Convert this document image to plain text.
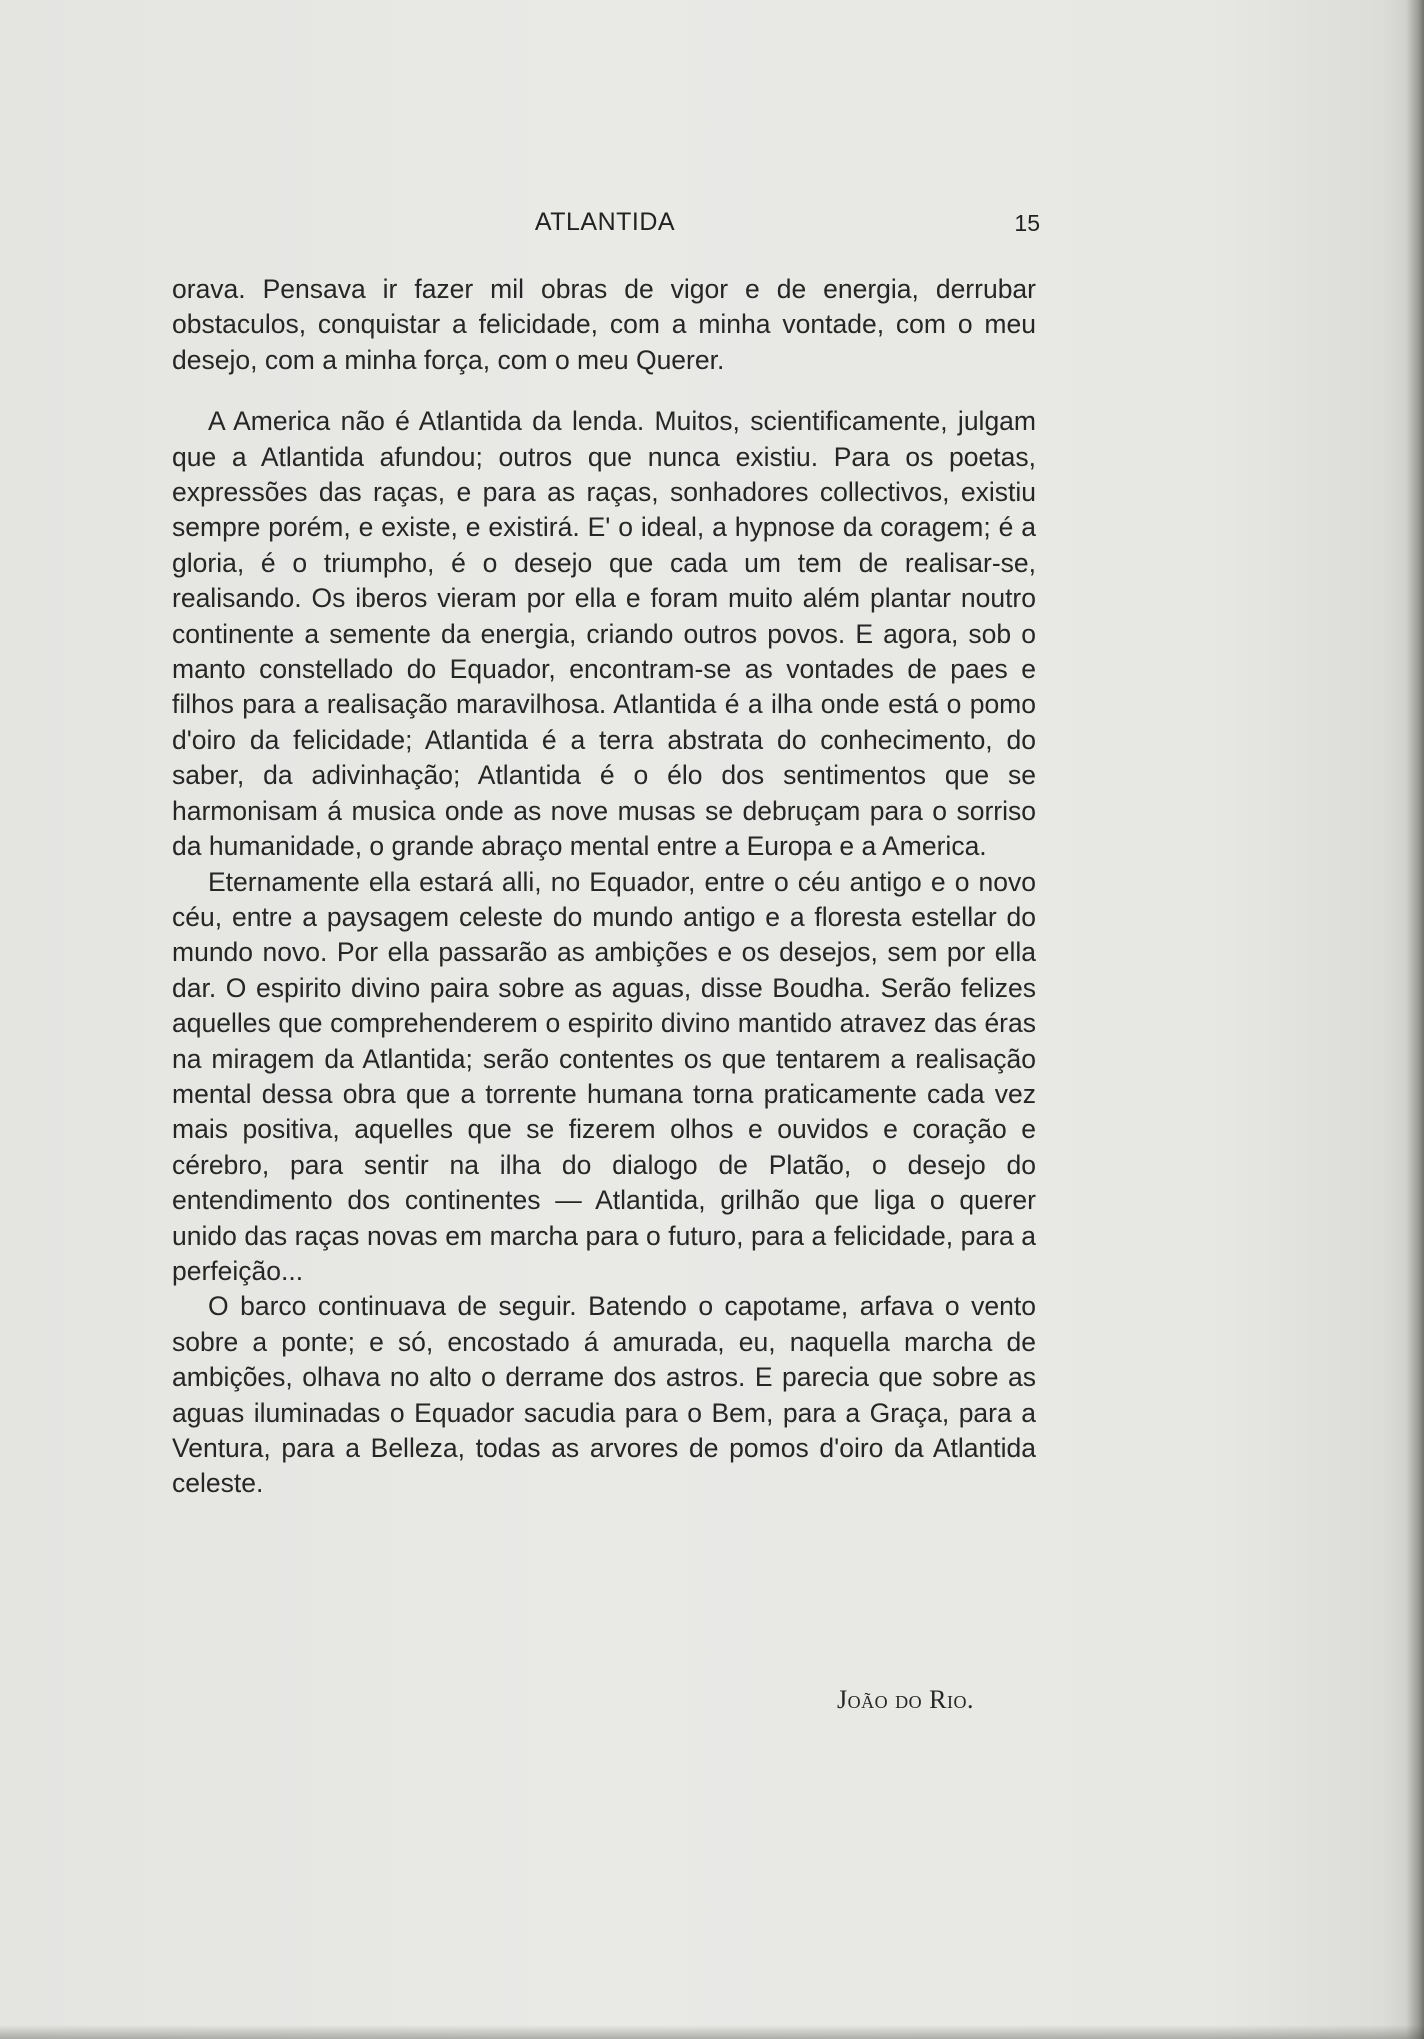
ATLANTIDA	15

orava. Pensava ir fazer mil obras de vigor e de energia, derrubar obstaculos, conquistar a felicidade, com a minha vontade, com o meu desejo, com a minha força, com o meu Querer.

A America não é Atlantida da lenda. Muitos, scientificamente, julgam que a Atlantida afundou; outros que nunca existiu. Para os poetas, expressões das raças, e para as raças, sonhadores collectivos, existiu sempre porém, e existe, e existirá. E' o ideal, a hypnose da coragem; é a gloria, é o triumpho, é o desejo que cada um tem de realisar-se, realisando. Os iberos vieram por ella e foram muito além plantar noutro continente a semente da energia, criando outros povos. E agora, sob o manto constellado do Equador, encontram-se as vontades de paes e filhos para a realisação maravilhosa. Atlantida é a ilha onde está o pomo d'oiro da felicidade; Atlantida é a terra abstrata do conhecimento, do saber, da adivinhação; Atlantida é o élo dos sentimentos que se harmonisam á musica onde as nove musas se debruçam para o sorriso da humanidade, o grande abraço mental entre a Europa e a America.

Eternamente ella estará alli, no Equador, entre o céu antigo e o novo céu, entre a paysagem celeste do mundo antigo e a floresta estellar do mundo novo. Por ella passarão as ambições e os desejos, sem por ella dar. O espirito divino paira sobre as aguas, disse Boudha. Serão felizes aquelles que comprehenderem o espirito divino mantido atravez das éras na miragem da Atlantida; serão contentes os que tentarem a realisação mental dessa obra que a torrente humana torna praticamente cada vez mais positiva, aquelles que se fizerem olhos e ouvidos e coração e cérebro, para sentir na ilha do dialogo de Platão, o desejo do entendimento dos continentes — Atlantida, grilhão que liga o querer unido das raças novas em marcha para o futuro, para a felicidade, para a perfeição...

O barco continuava de seguir. Batendo o capotame, arfava o vento sobre a ponte; e só, encostado á amurada, eu, naquella marcha de ambições, olhava no alto o derrame dos astros. E parecia que sobre as aguas iluminadas o Equador sacudia para o Bem, para a Graça, para a Ventura, para a Belleza, todas as arvores de pomos d'oiro da Atlantida celeste.

João do Rio.
